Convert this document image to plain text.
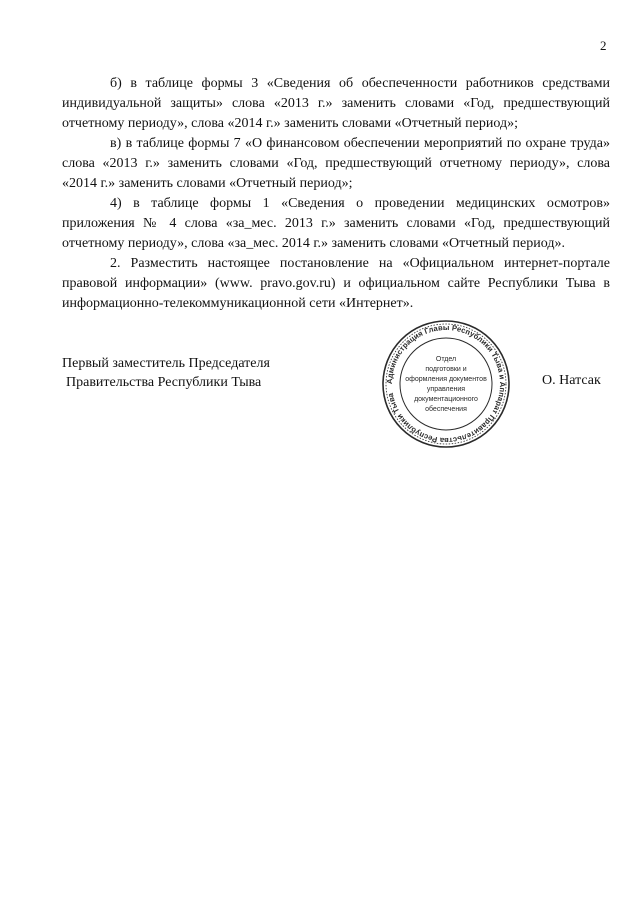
2

б) в таблице формы 3 «Сведения об обеспеченности работников средствами индивидуальной защиты» слова «2013 г.» заменить словами «Год, предшествующий отчетному периоду», слова «2014 г.» заменить словами «Отчетный период»;

в) в таблице формы 7 «О финансовом обеспечении мероприятий по охране труда» слова «2013 г.» заменить словами «Год, предшествующий отчетному периоду», слова «2014 г.» заменить словами «Отчетный период»;

4) в таблице формы 1 «Сведения о проведении медицинских осмотров» приложения № 4 слова «за_мес. 2013 г.» заменить словами «Год, предшествующий отчетному периоду», слова «за_мес. 2014 г.» заменить словами «Отчетный период».

2. Разместить настоящее постановление на «Официальном интернет-портале правовой информации» (www. pravo.gov.ru) и официальном сайте Республики Тыва в информационно-телекоммуникационной сети «Интернет».

Первый заместитель Председателя
Правительства Республики Тыва	Администрация Главы Республики Тыва и Аппарат Правительства Республики Тыва
Отдел
подготовки и
оформления документов
управления
документационного
обеспечения
О. Натсак
